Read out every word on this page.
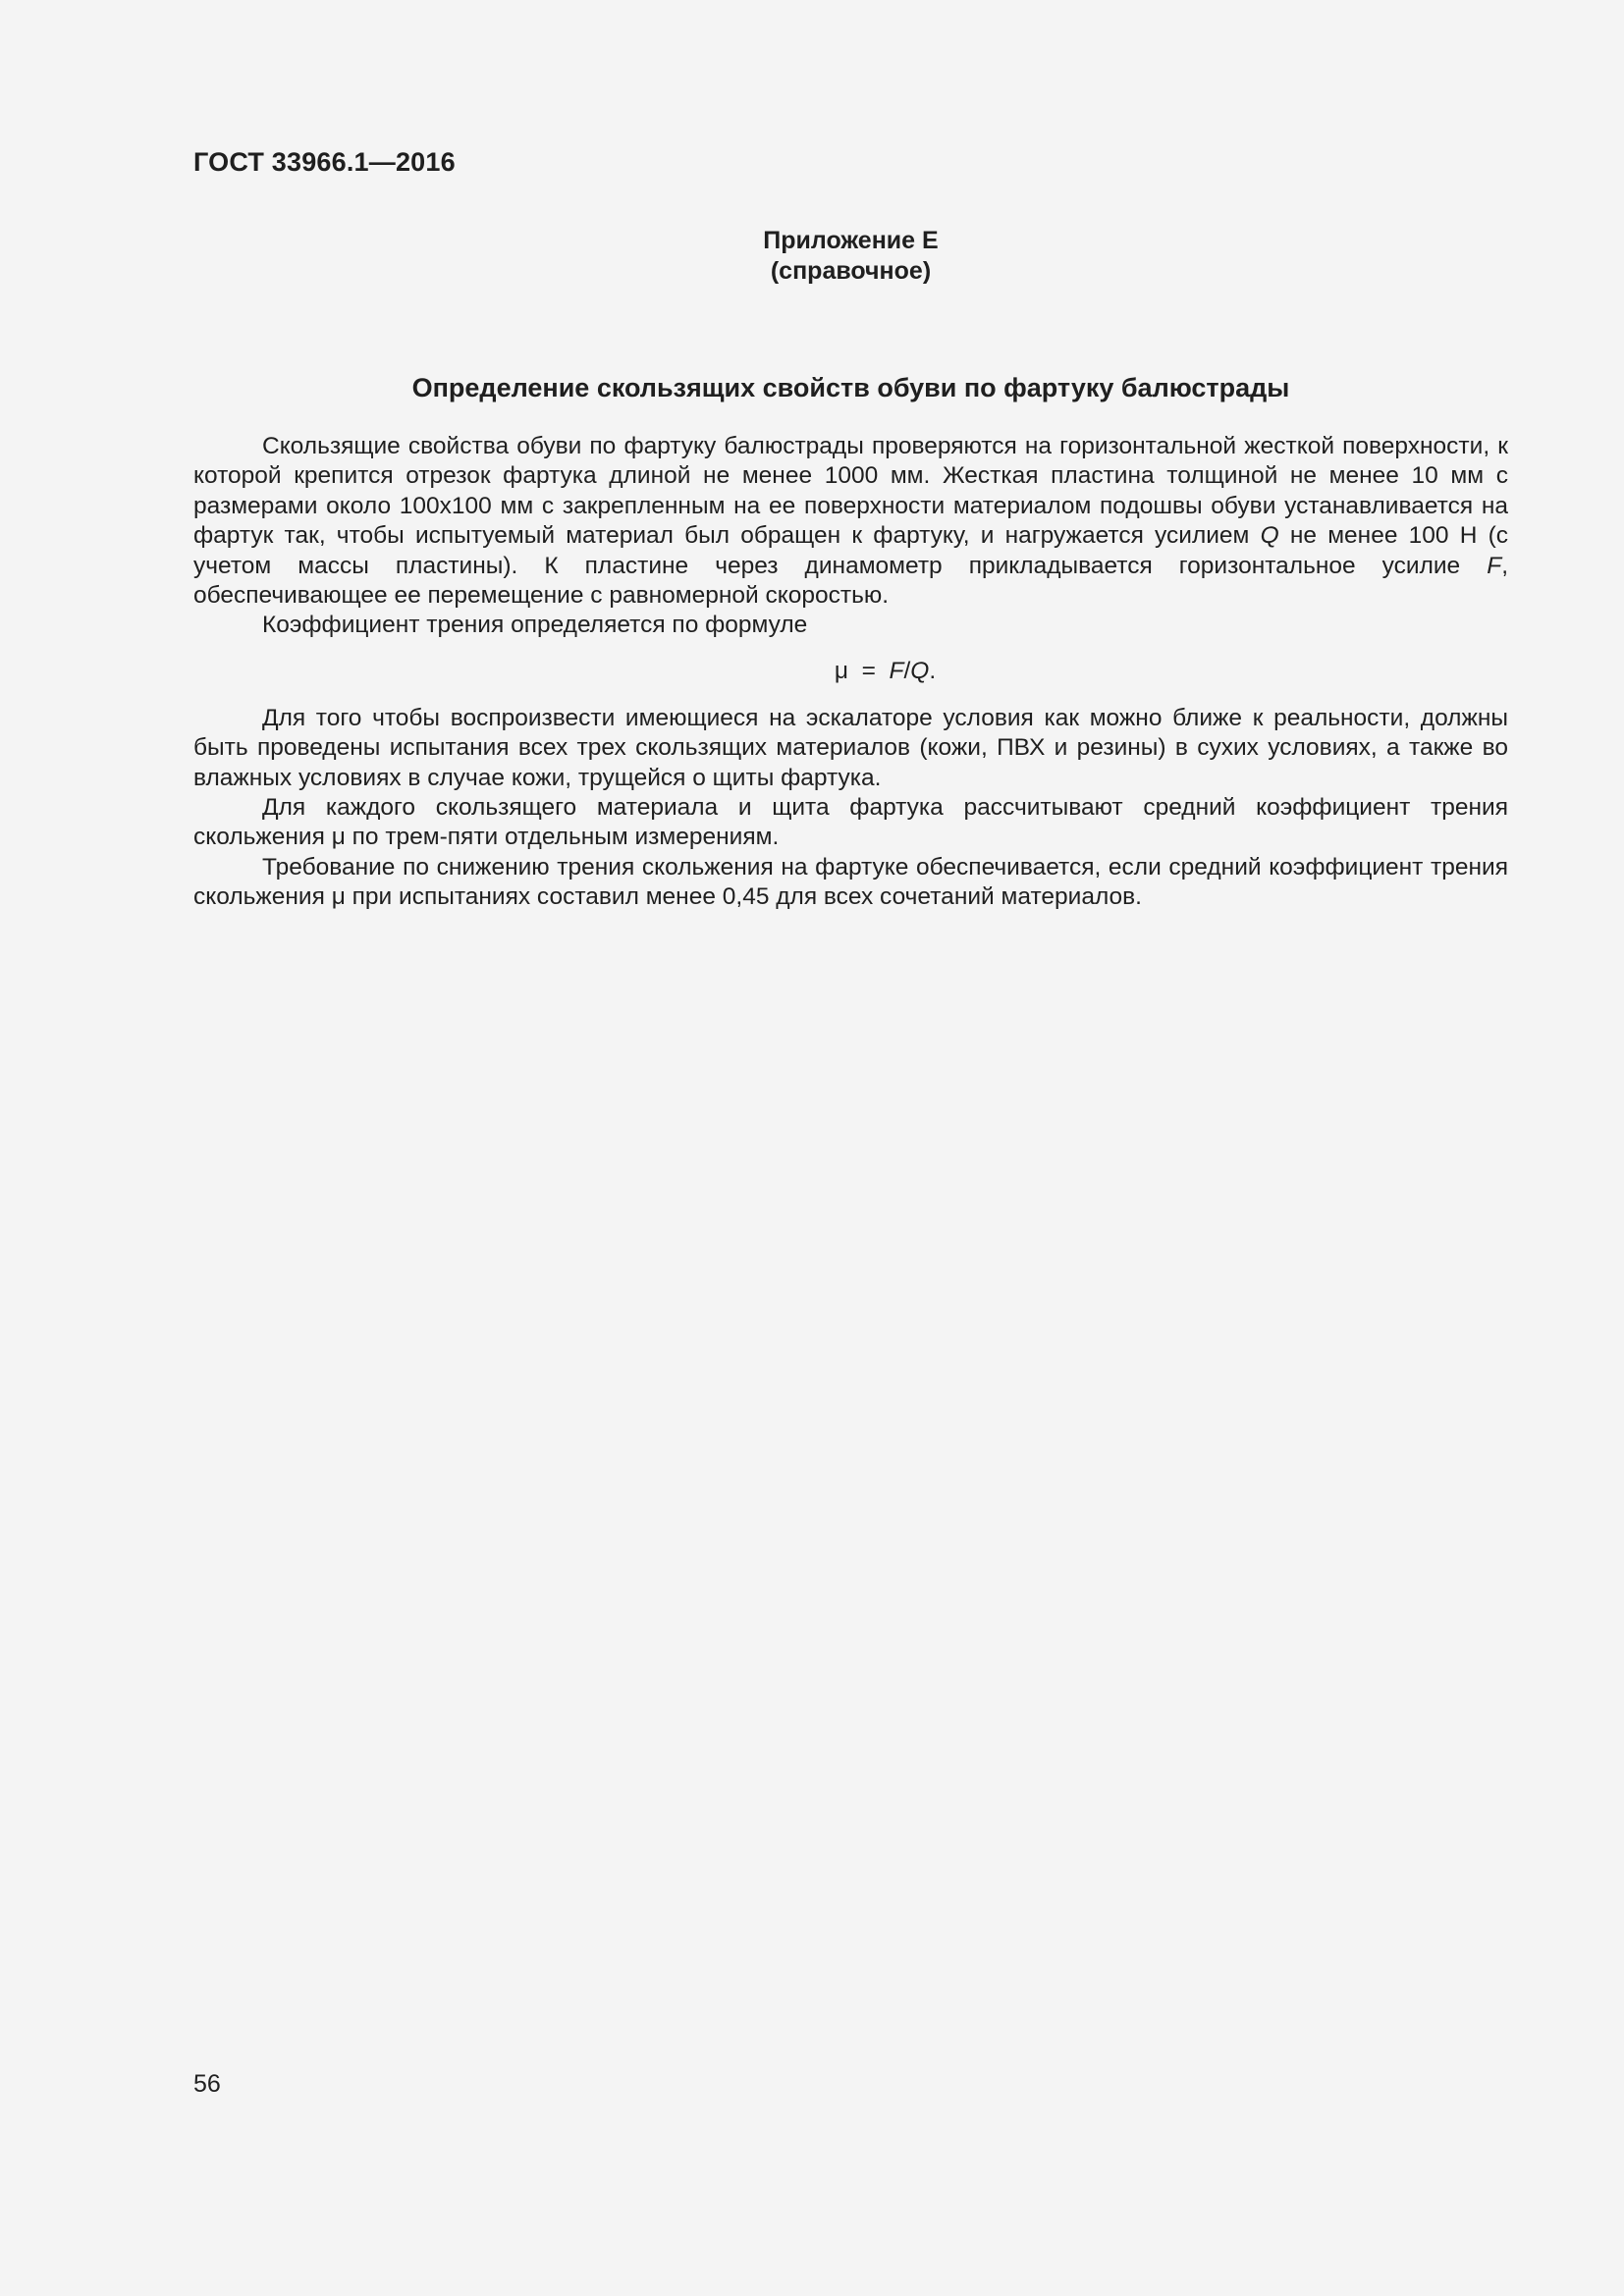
ГОСТ 33966.1—2016
Приложение Е
(справочное)
Определение скользящих свойств обуви по фартуку балюстрады

Скользящие свойства обуви по фартуку балюстрады проверяются на горизонтальной жесткой поверхности, к которой крепится отрезок фартука длиной не менее 1000 мм. Жесткая пластина толщиной не менее 10 мм с размерами около 100х100 мм с закрепленным на ее поверхности материалом подошвы обуви устанавливается на фартук так, чтобы испытуемый материал был обращен к фартуку, и нагружается усилием Q не менее 100 Н (с учетом массы пластины). К пластине через динамометр прикладывается горизонтальное усилие F, обеспечивающее ее перемещение с равномерной скоростью.

Коэффициент трения определяется по формуле

μ  =  F/Q.

Для того чтобы воспроизвести имеющиеся на эскалаторе условия как можно ближе к реальности, должны быть проведены испытания всех трех скользящих материалов (кожи, ПВХ и резины) в сухих условиях, а также во влажных условиях в случае кожи, трущейся о щиты фартука.

Для каждого скользящего материала и щита фартука рассчитывают средний коэффициент трения скольжения μ по трем-пяти отдельным измерениям.

Требование по снижению трения скольжения на фартуке обеспечивается, если средний коэффициент трения скольжения μ при испытаниях составил менее 0,45 для всех сочетаний материалов.

56
